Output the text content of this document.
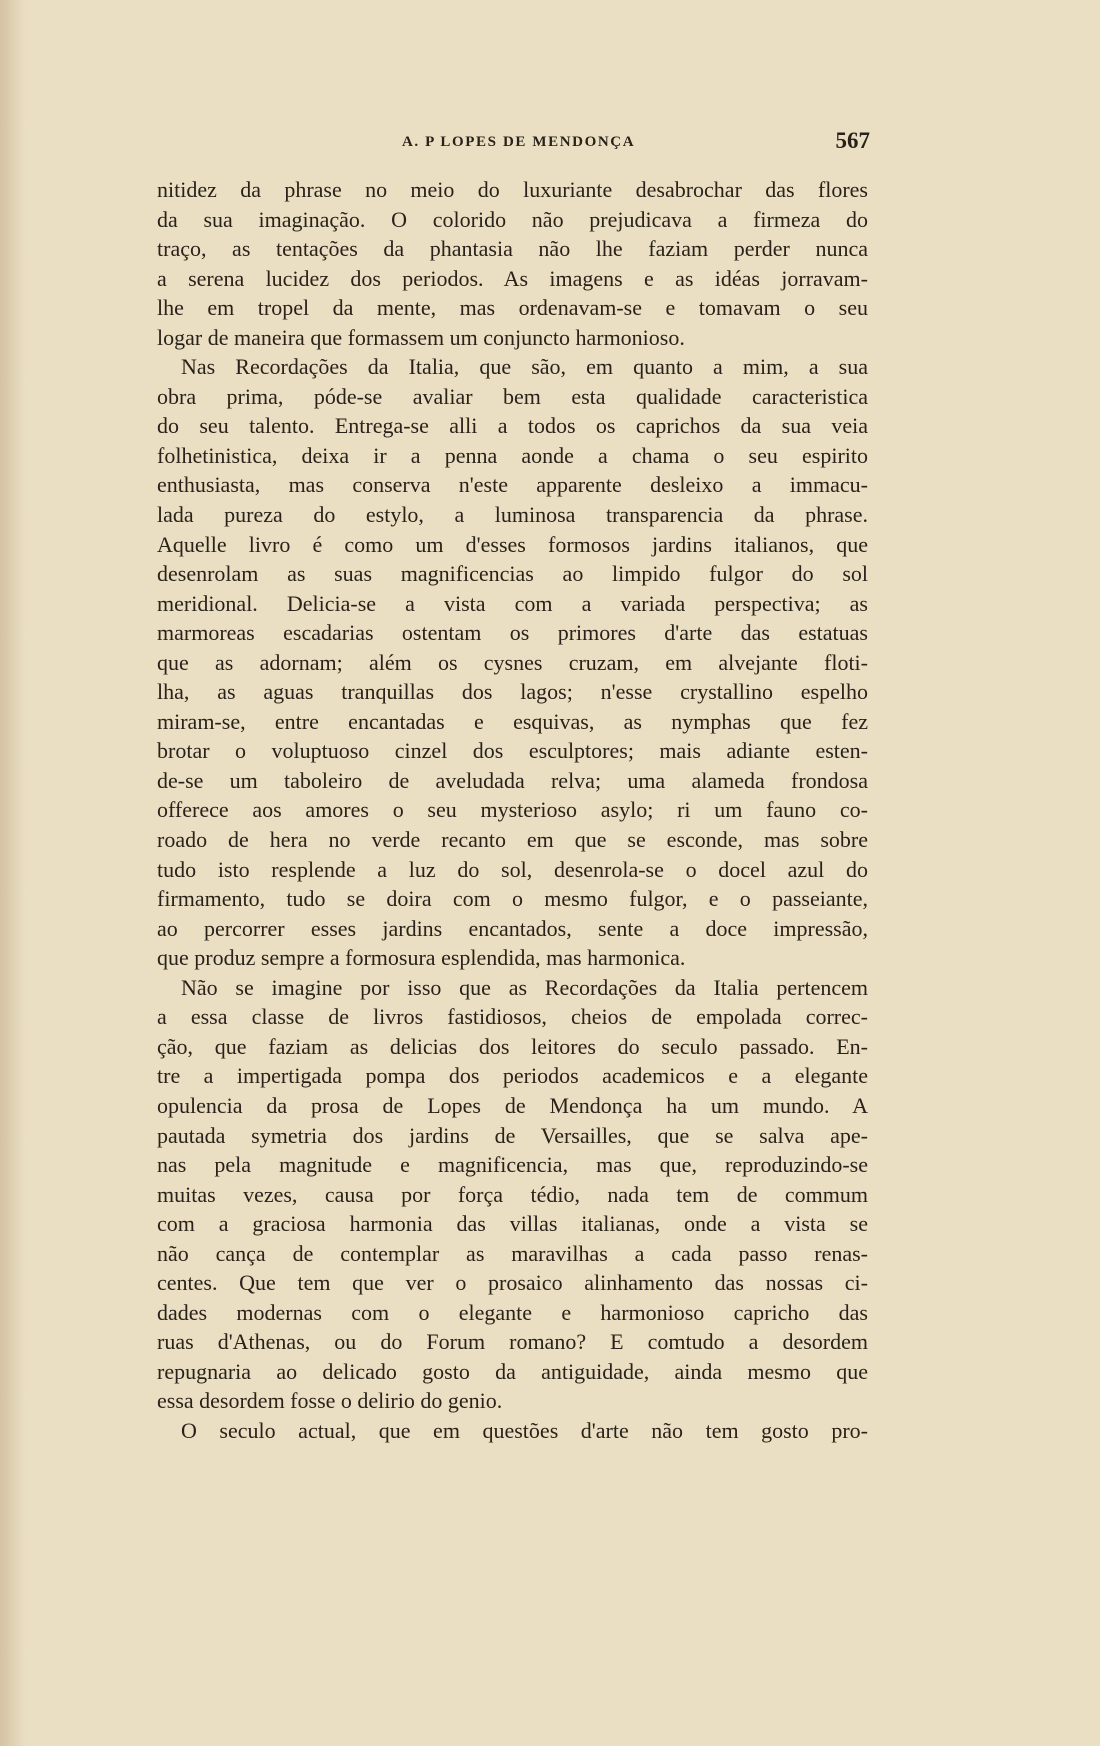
A. P LOPES DE MENDONÇA	567
nitidez da phrase no meio do luxuriante desabrochar das flores
da sua imaginação. O colorido não prejudicava a firmeza do
traço, as tentações da phantasia não lhe faziam perder nunca
a serena lucidez dos periodos. As imagens e as idéas jorravam-
lhe em tropel da mente, mas ordenavam-se e tomavam o seu
logar de maneira que formassem um conjuncto harmonioso.
Nas Recordações da Italia, que são, em quanto a mim, a sua
obra prima, póde-se avaliar bem esta qualidade caracteristica
do seu talento. Entrega-se alli a todos os caprichos da sua veia
folhetinistica, deixa ir a penna aonde a chama o seu espirito
enthusiasta, mas conserva n'este apparente desleixo a immacu-
lada pureza do estylo, a luminosa transparencia da phrase.
Aquelle livro é como um d'esses formosos jardins italianos, que
desenrolam as suas magnificencias ao limpido fulgor do sol
meridional. Delicia-se a vista com a variada perspectiva; as
marmoreas escadarias ostentam os primores d'arte das estatuas
que as adornam; além os cysnes cruzam, em alvejante floti-
lha, as aguas tranquillas dos lagos; n'esse crystallino espelho
miram-se, entre encantadas e esquivas, as nymphas que fez
brotar o voluptuoso cinzel dos esculptores; mais adiante esten-
de-se um taboleiro de aveludada relva; uma alameda frondosa
offerece aos amores o seu mysterioso asylo; ri um fauno co-
roado de hera no verde recanto em que se esconde, mas sobre
tudo isto resplende a luz do sol, desenrola-se o docel azul do
firmamento, tudo se doira com o mesmo fulgor, e o passeiante,
ao percorrer esses jardins encantados, sente a doce impressão,
que produz sempre a formosura esplendida, mas harmonica.
Não se imagine por isso que as Recordações da Italia pertencem
a essa classe de livros fastidiosos, cheios de empolada correc-
ção, que faziam as delicias dos leitores do seculo passado. En-
tre a impertigada pompa dos periodos academicos e a elegante
opulencia da prosa de Lopes de Mendonça ha um mundo. A
pautada symetria dos jardins de Versailles, que se salva ape-
nas pela magnitude e magnificencia, mas que, reproduzindo-se
muitas vezes, causa por força tédio, nada tem de commum
com a graciosa harmonia das villas italianas, onde a vista se
não cança de contemplar as maravilhas a cada passo renas-
centes. Que tem que ver o prosaico alinhamento das nossas ci-
dades modernas com o elegante e harmonioso capricho das
ruas d'Athenas, ou do Forum romano? E comtudo a desordem
repugnaria ao delicado gosto da antiguidade, ainda mesmo que
essa desordem fosse o delirio do genio.
O seculo actual, que em questões d'arte não tem gosto pro-
